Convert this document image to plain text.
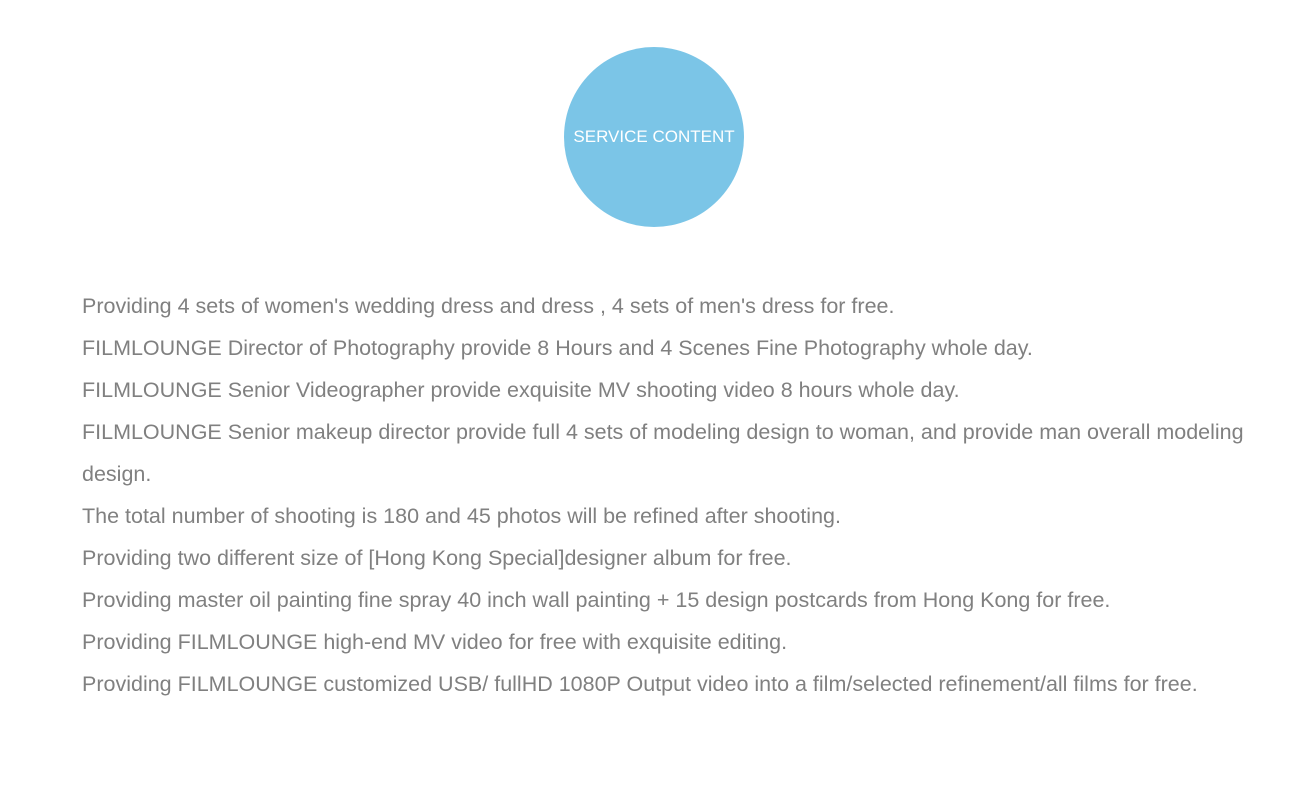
SERVICE CONTENT
Providing 4 sets of women's wedding dress and dress , 4 sets of men's dress for free.
FILMLOUNGE Director of Photography provide 8 Hours and 4 Scenes Fine Photography whole day.
FILMLOUNGE Senior Videographer provide exquisite MV shooting video 8 hours whole day.
FILMLOUNGE Senior makeup director provide full 4 sets of modeling design to woman, and provide man overall modeling design.
The total number of shooting is 180 and 45 photos will be refined after shooting.
Providing two different size of [Hong Kong Special]designer album for free.
Providing master oil painting fine spray 40 inch wall painting + 15 design postcards from Hong Kong for free.
Providing FILMLOUNGE high-end MV video for free with exquisite editing.
Providing FILMLOUNGE customized USB/ fullHD 1080P Output video into a film/selected refinement/all films for free.
